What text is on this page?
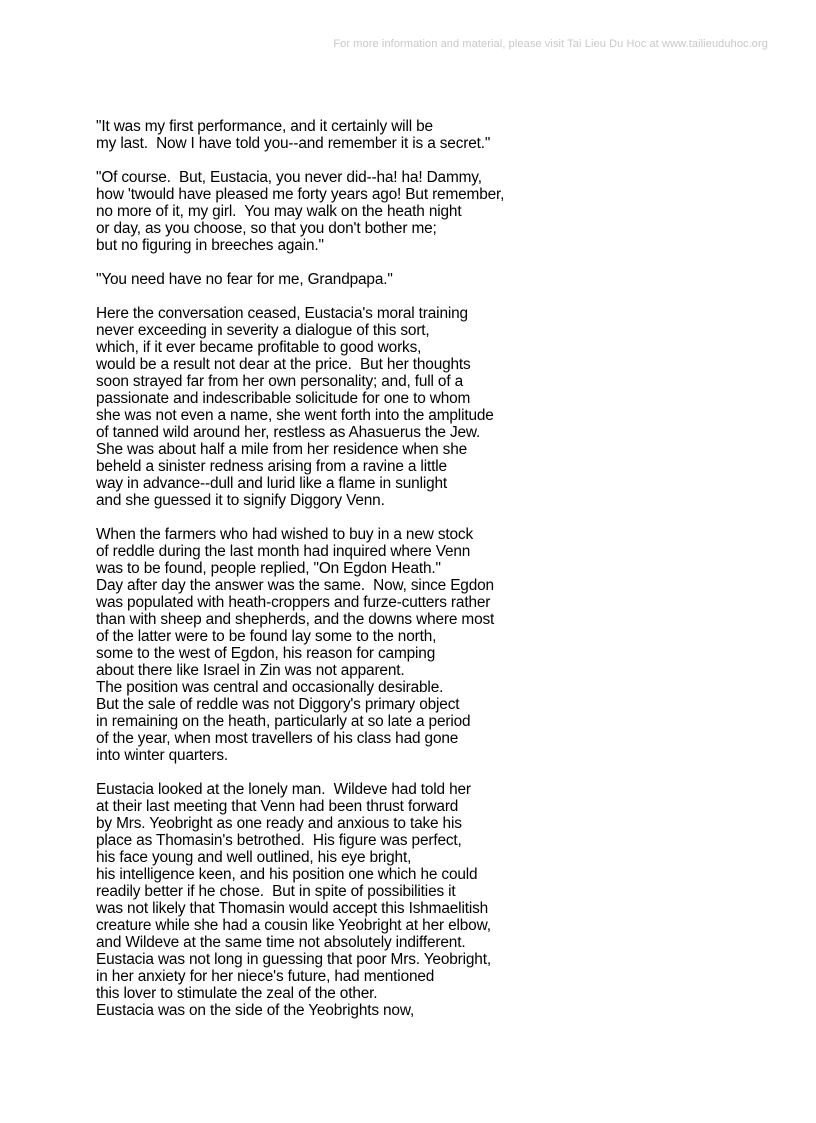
For more information and material, please visit Tai Lieu Du Hoc at www.tailieuduhoc.org
"It was my first performance, and it certainly will be
my last.  Now I have told you--and remember it is a secret."
"Of course.  But, Eustacia, you never did--ha! ha! Dammy,
how 'twould have pleased me forty years ago! But remember,
no more of it, my girl.  You may walk on the heath night
or day, as you choose, so that you don't bother me;
but no figuring in breeches again."
"You need have no fear for me, Grandpapa."
Here the conversation ceased, Eustacia's moral training
never exceeding in severity a dialogue of this sort,
which, if it ever became profitable to good works,
would be a result not dear at the price.  But her thoughts
soon strayed far from her own personality; and, full of a
passionate and indescribable solicitude for one to whom
she was not even a name, she went forth into the amplitude
of tanned wild around her, restless as Ahasuerus the Jew.
She was about half a mile from her residence when she
beheld a sinister redness arising from a ravine a little
way in advance--dull and lurid like a flame in sunlight
and she guessed it to signify Diggory Venn.
When the farmers who had wished to buy in a new stock
of reddle during the last month had inquired where Venn
was to be found, people replied, "On Egdon Heath."
Day after day the answer was the same.  Now, since Egdon
was populated with heath-croppers and furze-cutters rather
than with sheep and shepherds, and the downs where most
of the latter were to be found lay some to the north,
some to the west of Egdon, his reason for camping
about there like Israel in Zin was not apparent.
The position was central and occasionally desirable.
But the sale of reddle was not Diggory's primary object
in remaining on the heath, particularly at so late a period
of the year, when most travellers of his class had gone
into winter quarters.
Eustacia looked at the lonely man.  Wildeve had told her
at their last meeting that Venn had been thrust forward
by Mrs. Yeobright as one ready and anxious to take his
place as Thomasin's betrothed.  His figure was perfect,
his face young and well outlined, his eye bright,
his intelligence keen, and his position one which he could
readily better if he chose.  But in spite of possibilities it
was not likely that Thomasin would accept this Ishmaelitish
creature while she had a cousin like Yeobright at her elbow,
and Wildeve at the same time not absolutely indifferent.
Eustacia was not long in guessing that poor Mrs. Yeobright,
in her anxiety for her niece's future, had mentioned
this lover to stimulate the zeal of the other.
Eustacia was on the side of the Yeobrights now,
